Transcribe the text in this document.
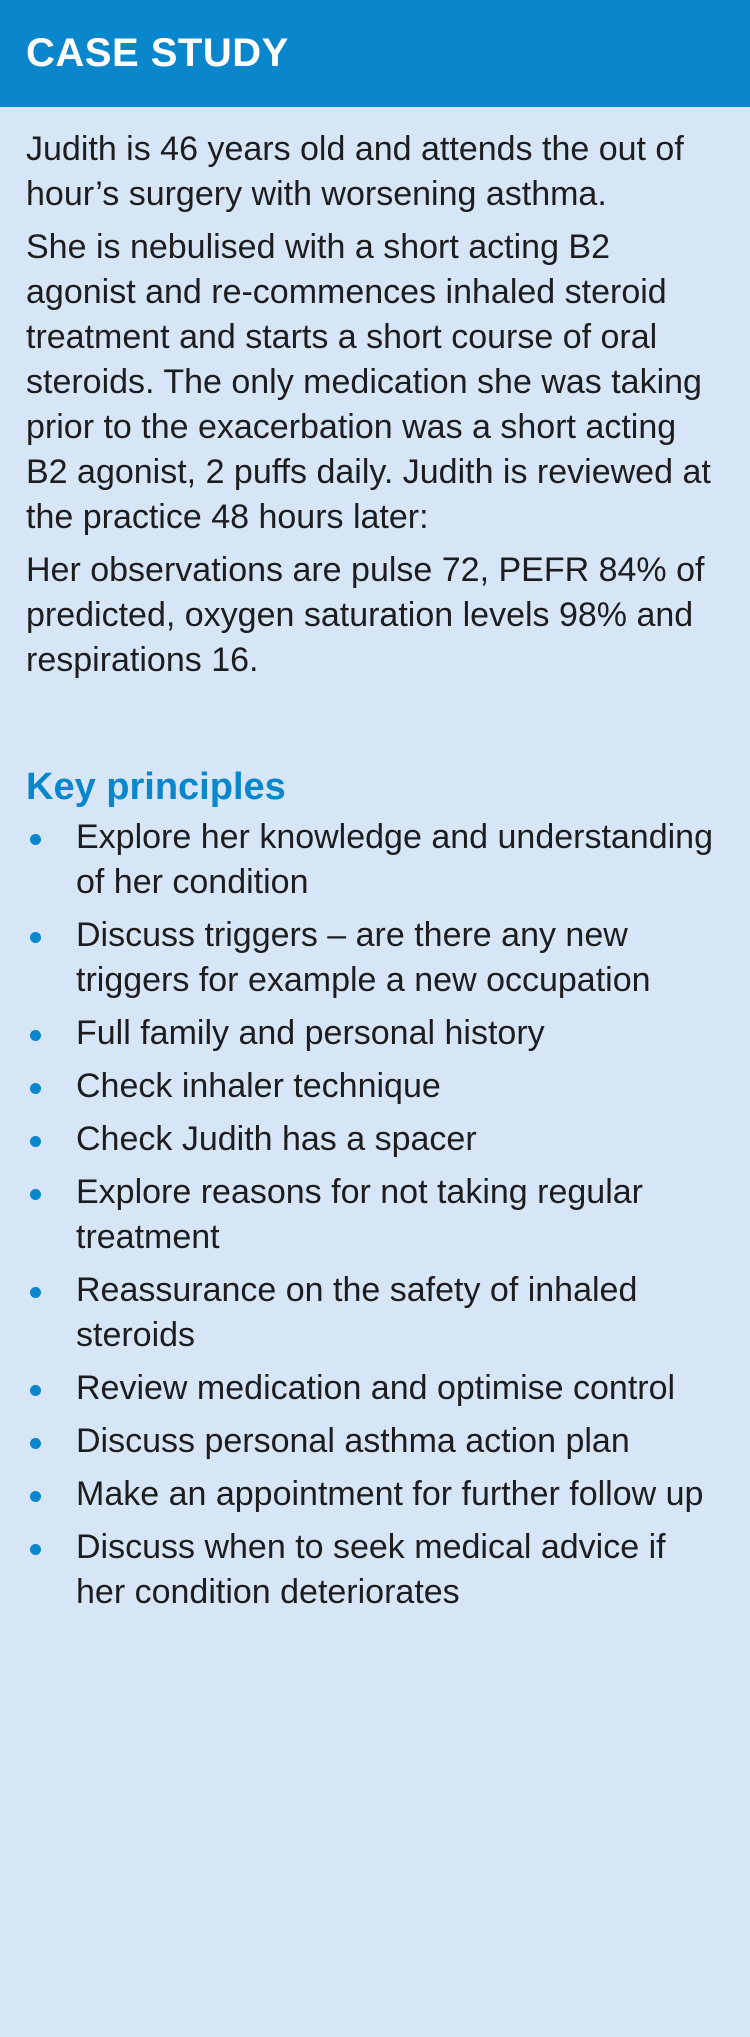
CASE STUDY

Judith is 46 years old and attends the out of hour’s surgery with worsening asthma.

She is nebulised with a short acting B2 agonist and re-commences inhaled steroid treatment and starts a short course of oral steroids. The only medication she was taking prior to the exacerbation was a short acting B2 agonist, 2 puffs daily. Judith is reviewed at the practice 48 hours later:

Her observations are pulse 72, PEFR 84% of predicted, oxygen saturation levels 98% and respirations 16.

Key principles
Explore her knowledge and understanding of her condition
Discuss triggers – are there any new triggers for example a new occupation
Full family and personal history
Check inhaler technique
Check Judith has a spacer
Explore reasons for not taking regular treatment
Reassurance on the safety of inhaled steroids
Review medication and optimise control
Discuss personal asthma action plan
Make an appointment for further follow up
Discuss when to seek medical advice if her condition deteriorates
